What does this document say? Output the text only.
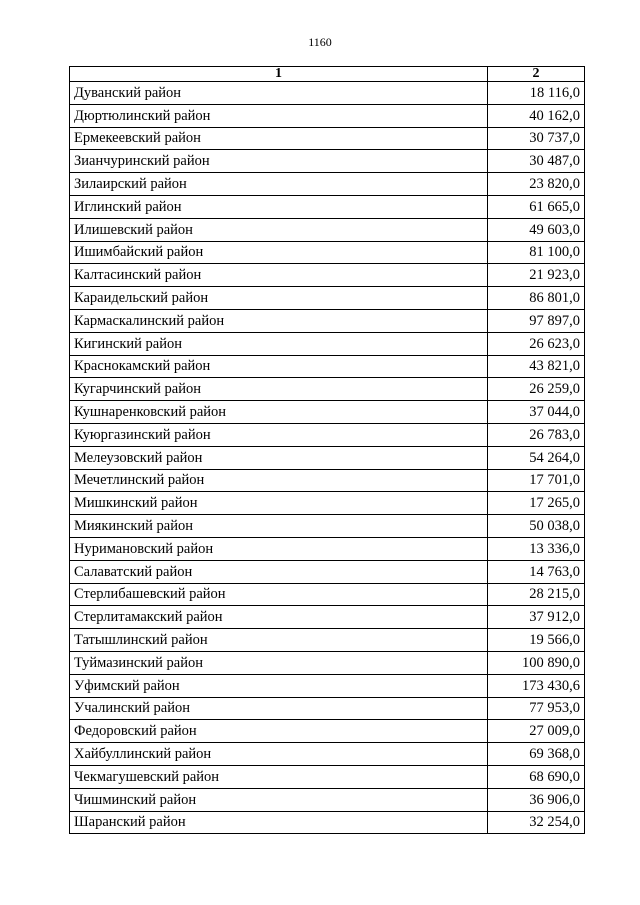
1160
1	2
Дуванский район	18 116,0
Дюртюлинский район	40 162,0
Ермекеевский район	30 737,0
Зианчуринский район	30 487,0
Зилаирский район	23 820,0
Иглинский район	61 665,0
Илишевский район	49 603,0
Ишимбайский район	81 100,0
Калтасинский район	21 923,0
Караидельский район	86 801,0
Кармаскалинский район	97 897,0
Кигинский район	26 623,0
Краснокамский район	43 821,0
Кугарчинский район	26 259,0
Кушнаренковский район	37 044,0
Куюргазинский район	26 783,0
Мелеузовский район	54 264,0
Мечетлинский район	17 701,0
Мишкинский район	17 265,0
Миякинский район	50 038,0
Нуримановский район	13 336,0
Салаватский район	14 763,0
Стерлибашевский район	28 215,0
Стерлитамакский район	37 912,0
Татышлинский район	19 566,0
Туймазинский район	100 890,0
Уфимский район	173 430,6
Учалинский район	77 953,0
Федоровский район	27 009,0
Хайбуллинский район	69 368,0
Чекмагушевский район	68 690,0
Чишминский район	36 906,0
Шаранский район	32 254,0
